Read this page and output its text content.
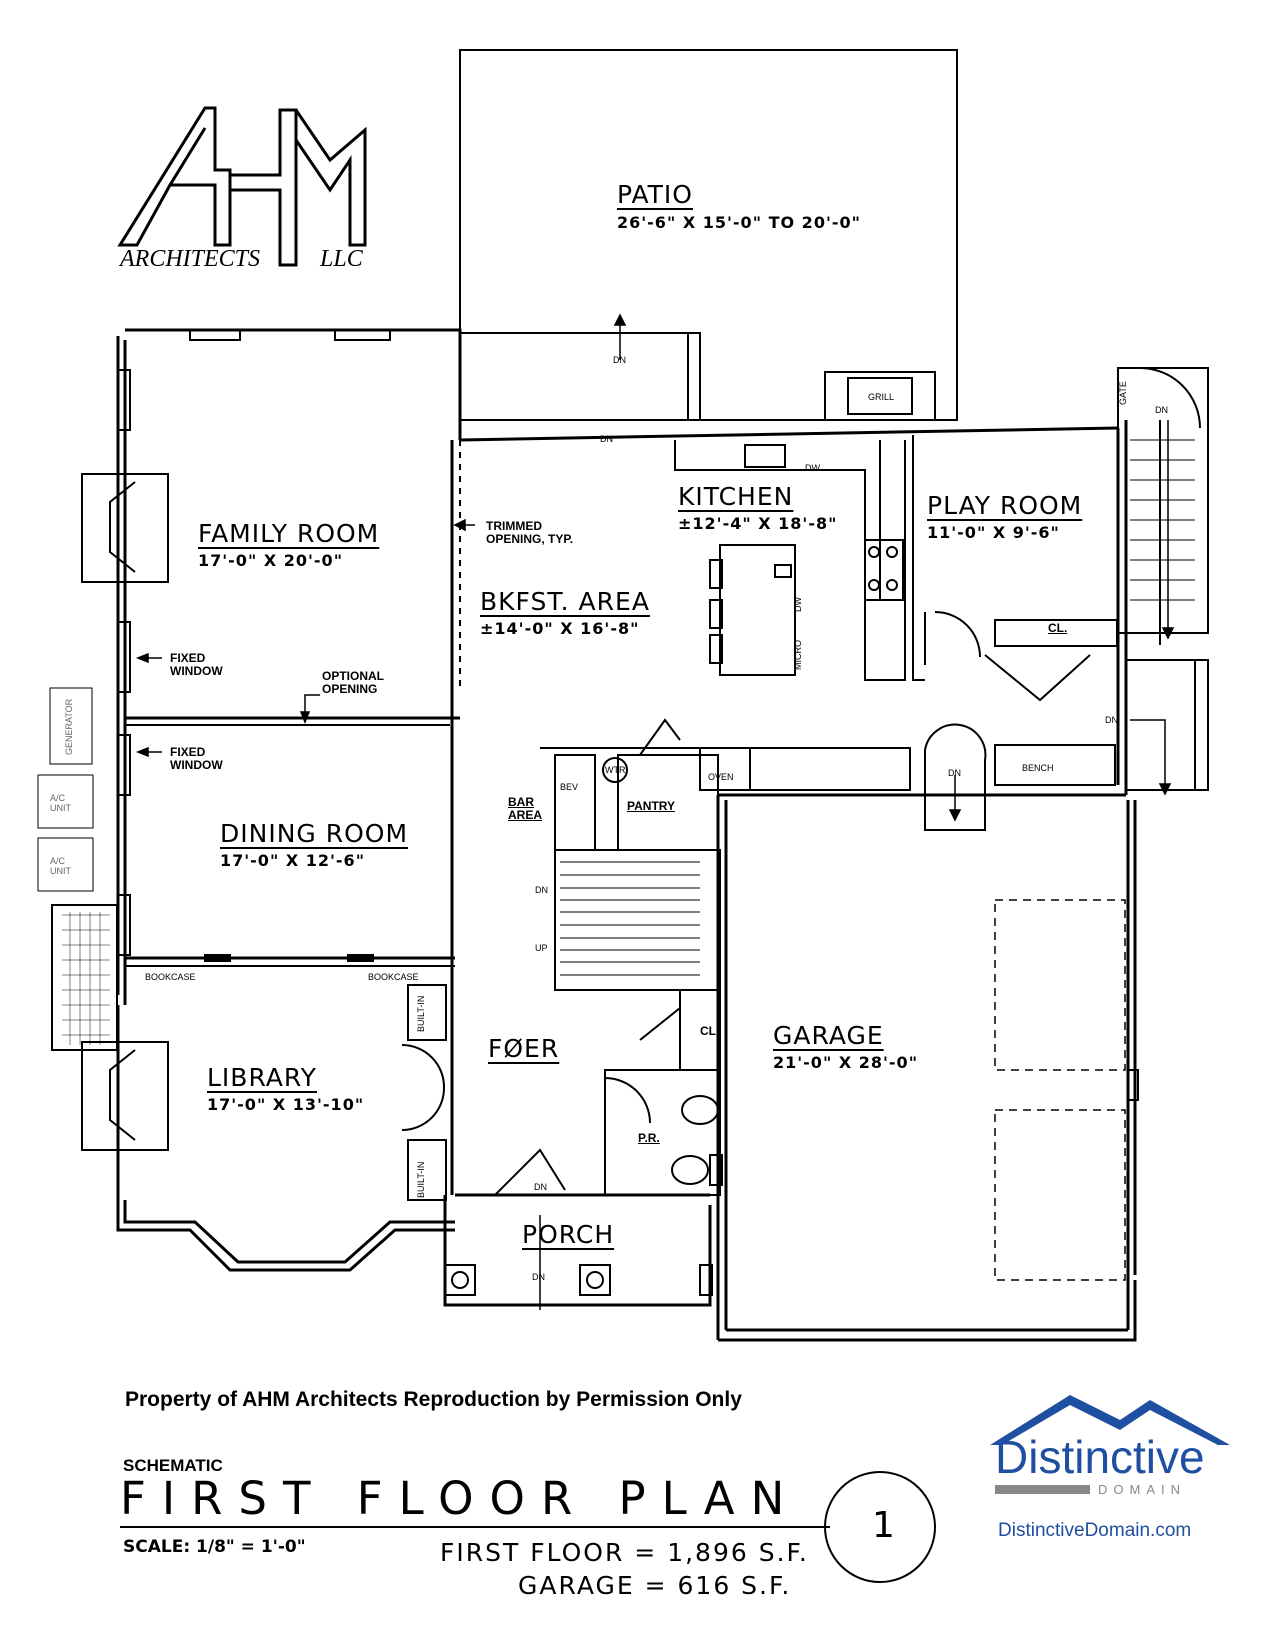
ARCHITECTS LLC
PATIO
26'-6" X 15'-0" TO 20'-0"
FAMILY ROOM
17'-0" X 20'-0"
KITCHEN
±12'-4" X 18'-8"
PLAY ROOM
11'-0" X 9'-6"
BKFST. AREA
±14'-0" X 16'-8"
DINING ROOM
17'-0" X 12'-6"
LIBRARY
17'-0" X 13'-10"
FØER
PORCH
GARAGE
21'-0" X 28'-0"
PANTRY
P.R.
BAR AREA
TRIMMED OPENING, TYP.
FIXED WINDOW
FIXED WINDOW
OPTIONAL OPENING
DN
DN
DN
DN
DN
DN
UP
DN
DN
GRILL	GATE
DW
DW
MICRO
OVEN
BENCH
CL.
CL
BEV
WTR
BOOKCASE	BOOKCASE
BUILT-IN
BUILT-IN
GENERATOR
A/C UNIT
A/C UNIT
Property of AHM Architects Reproduction by Permission Only
SCHEMATIC
FIRST FLOOR PLAN
1
SCALE: 1/8" = 1'-0"	FIRST FLOOR = 1,896 S.F.
GARAGE = 616 S.F.
Distinctive
DOMAIN
DistinctiveDomain.com
